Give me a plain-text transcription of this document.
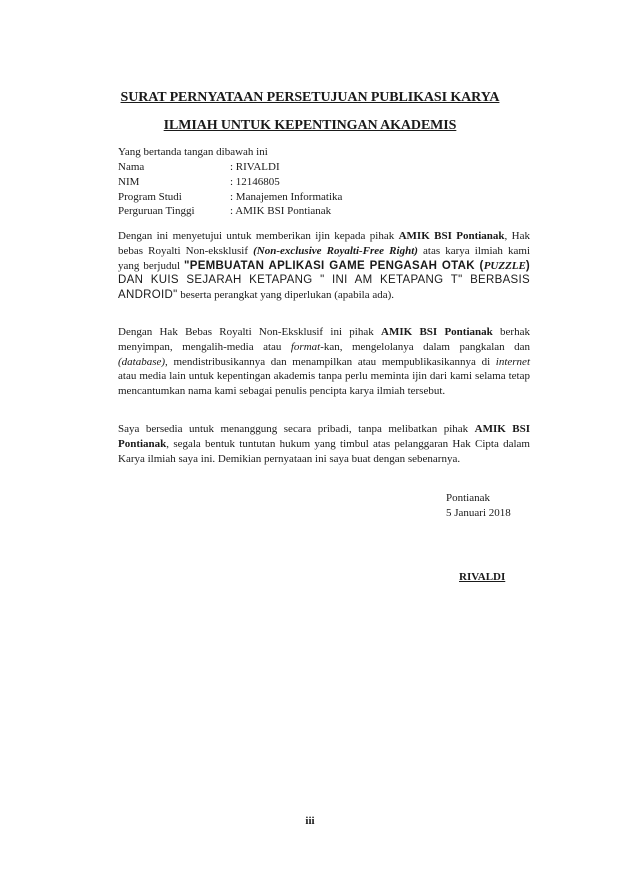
SURAT PERNYATAAN PERSETUJUAN PUBLIKASI KARYA
ILMIAH UNTUK KEPENTINGAN AKADEMIS
Yang bertanda tangan dibawah ini
Nama	: RIVALDI
NIM	: 12146805
Program Studi	: Manajemen Informatika
Perguruan Tinggi	: AMIK BSI Pontianak

Dengan ini menyetujui untuk memberikan ijin kepada pihak AMIK BSI Pontianak, Hak bebas Royalti Non-eksklusif (Non-exclusive Royalti-Free Right) atas karya ilmiah kami yang berjudul "PEMBUATAN APLIKASI GAME PENGASAH OTAK (PUZZLE) DAN KUIS SEJARAH KETAPANG " INI AM KETAPANG T" BERBASIS ANDROID" beserta perangkat yang diperlukan (apabila ada).

Dengan Hak Bebas Royalti Non-Eksklusif ini pihak AMIK BSI Pontianak berhak menyimpan, mengalih-media atau format-kan, mengelolanya dalam pangkalan dan (database), mendistribusikannya dan menampilkan atau mempublikasikannya di internet atau media lain untuk kepentingan akademis tanpa perlu meminta ijin dari kami selama tetap mencantumkan nama kami sebagai penulis pencipta karya ilmiah tersebut.

Saya bersedia untuk menanggung secara pribadi, tanpa melibatkan pihak AMIK BSI Pontianak, segala bentuk tuntutan hukum yang timbul atas pelanggaran Hak Cipta dalam Karya ilmiah saya ini. Demikian pernyataan ini saya buat dengan sebenarnya.

Pontianak
5 Januari 2018
RIVALDI
iii
